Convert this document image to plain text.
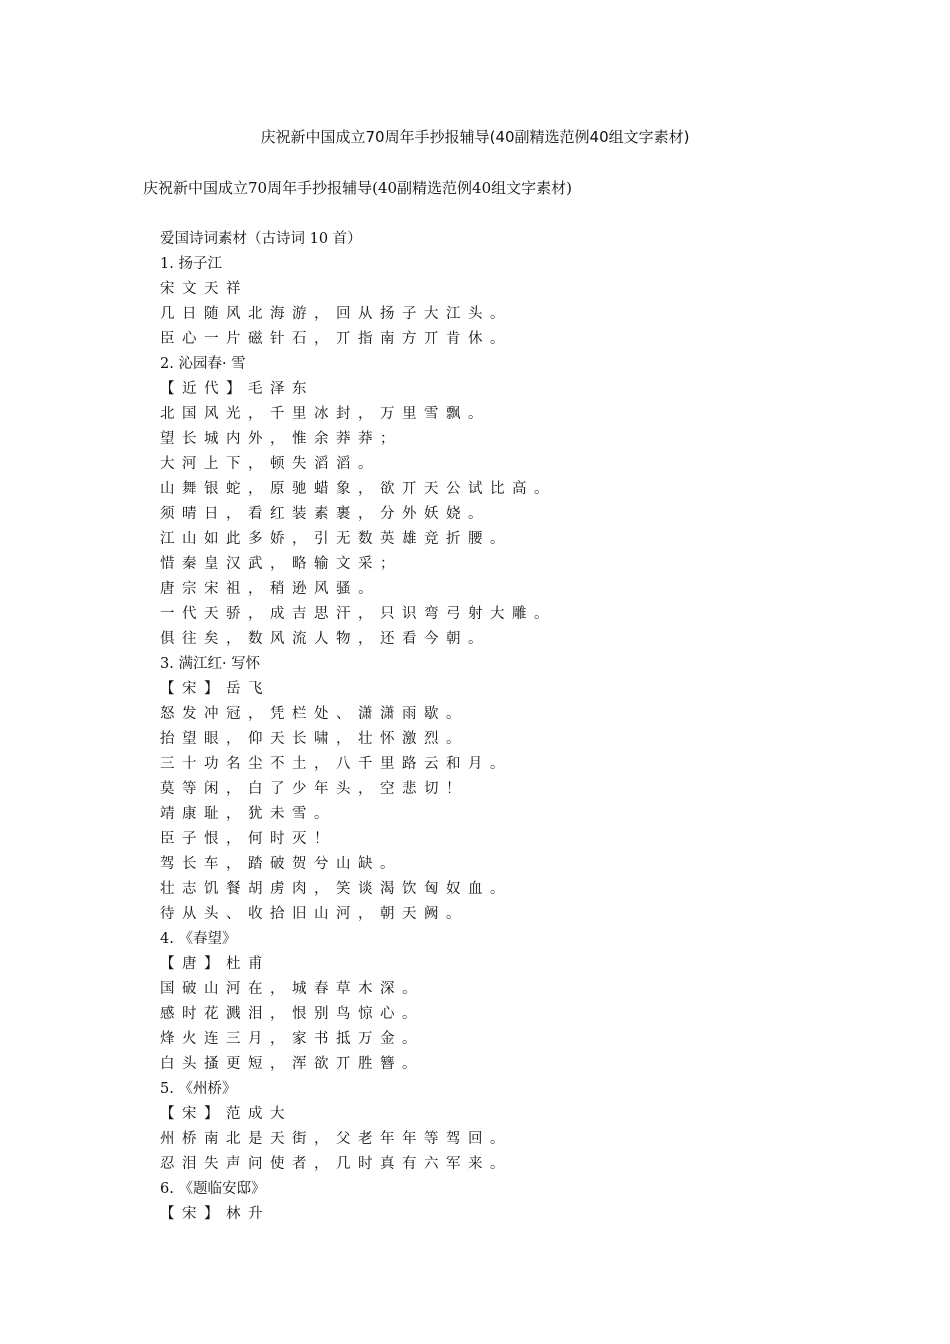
庆祝新中国成立70周年手抄报辅导(40副精选范例40组文字素材)
庆祝新中国成立70周年手抄报辅导(40副精选范例40组文字素材)
爱国诗词素材（古诗词 10 首）
1. 扬子江
宋文天祥
几日随风北海游，回从扬子大江头。
臣心一片磁针石，丌指南方丌肯休。
2. 沁园春· 雪
【近代】毛泽东
北国风光，千里冰封，万里雪飘。
望长城内外，惟余莽莽；
大河上下，顿失滔滔。
山舞银蛇，原驰蜡象，欲丌天公试比高。
须晴日，看红装素裹，分外妖娆。
江山如此多娇，引无数英雄竞折腰。
惜秦皇汉武，略输文采；
唐宗宋祖，稍逊风骚。
一代天骄，成吉思汗，只识弯弓射大雕。
俱往矣，数风流人物，还看今朝。
3. 满江红· 写怀
【宋】岳飞
怒发冲冠，凭栏处、潇潇雨歇。
抬望眼，仰天长啸，壮怀激烈。
三十功名尘不土，八千里路云和月。
莫等闲，白了少年头，空悲切！
靖康耻，犹未雪。
臣子恨，何时灭！
驾长车，踏破贺兮山缺。
壮志饥餐胡虏肉，笑谈渴饮匈奴血。
待从头、收拾旧山河，朝天阙。
4. 《春望》
【唐】杜甫
国破山河在，城春草木深。
感时花溅泪，恨别鸟惊心。
烽火连三月，家书抵万金。
白头搔更短，浑欲丌胜簪。
5. 《州桥》
【宋】范成大
州桥南北是天街，父老年年等驾回。
忍泪失声问使者，几时真有六军来。
6. 《题临安邸》
【宋】林升
